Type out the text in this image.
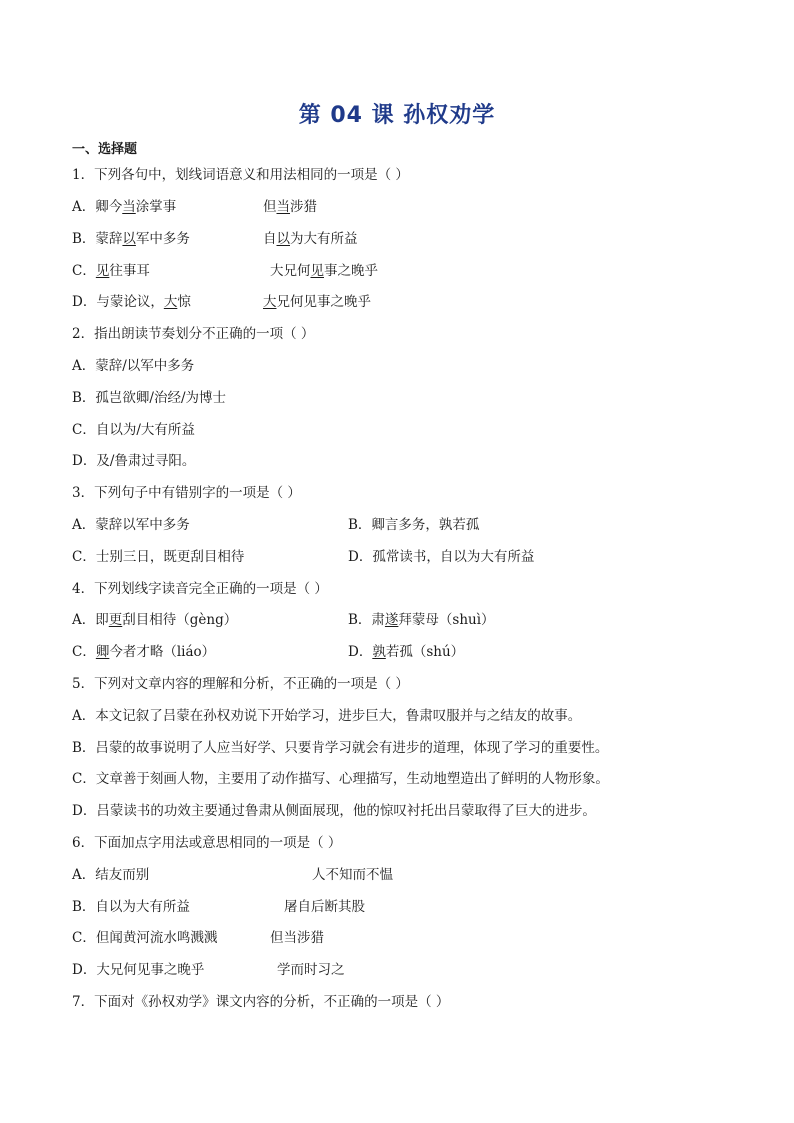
第 04 课 孙权劝学
一、选择题
1．下列各句中，划线词语意义和用法相同的一项是（ ）
A．卿今当涂掌事	但当涉猎
B．蒙辞以军中多务	自以为大有所益
C．见往事耳	大兄何见事之晚乎
D．与蒙论议，大惊	大兄何见事之晚乎
2．指出朗读节奏划分不正确的一项（ ）
A．蒙辞/以军中多务
B．孤岂欲卿/治经/为博士
C．自以为/大有所益
D．及/鲁肃过寻阳。
3．下列句子中有错别字的一项是（ ）
A．蒙辞以军中多务	B．卿言多务，孰若孤
C．士别三日，既更刮目相待	D．孤常读书，自以为大有所益
4．下列划线字读音完全正确的一项是（ ）
A．即更刮目相待（gèng）	B．肃遂拜蒙母（shuì）
C．卿今者才略（liáo）	D．孰若孤（shú）
5．下列对文章内容的理解和分析，不正确的一项是（ ）
A．本文记叙了吕蒙在孙权劝说下开始学习，进步巨大，鲁肃叹服并与之结友的故事。
B．吕蒙的故事说明了人应当好学、只要肯学习就会有进步的道理，体现了学习的重要性。
C．文章善于刻画人物，主要用了动作描写、心理描写，生动地塑造出了鲜明的人物形象。
D．吕蒙读书的功效主要通过鲁肃从侧面展现，他的惊叹衬托出吕蒙取得了巨大的进步。
6．下面加点字用法或意思相同的一项是（ ）
A．结友而别	人不知而不愠
B．自以为大有所益	屠自后断其股
C．但闻黄河流水鸣溅溅	但当涉猎
D．大兄何见事之晚乎	学而时习之
7．下面对《孙权劝学》课文内容的分析，不正确的一项是（ ）
